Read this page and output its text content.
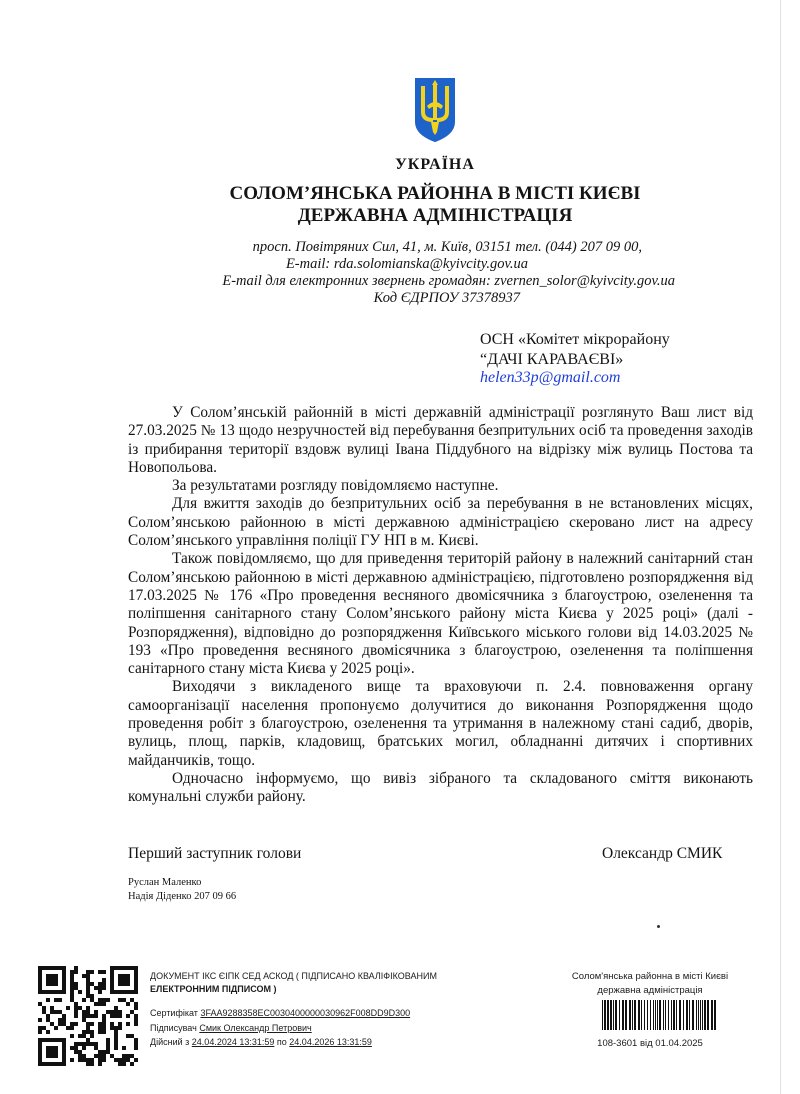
УКРАЇНА
СОЛОМ’ЯНСЬКА РАЙОННА В МІСТІ КИЄВІ
ДЕРЖАВНА АДМІНІСТРАЦІЯ
просп. Повітряних Сил, 41, м. Київ, 03151 тел. (044) 207 09 00,
E-mail: rda.solomianska@kyivcity.gov.ua
E-mail для електронних звернень громадян: zvernen_solor@kyivcity.gov.ua
Код ЄДРПОУ 37378937
ОСН «Комітет мікрорайону
“ДАЧІ КАРАВАЄВІ»
helen33p@gmail.com

У Солом’янській районній в місті державній адміністрації розглянуто Ваш лист від 27.03.2025 № 13 щодо незручностей від перебування безпритульних осіб та проведення заходів із прибирання території вздовж вулиці Івана Піддубного на відрізку між вулиць Постова та Новопольова.

За результатами розгляду повідомляємо наступне.

Для вжиття заходів до безпритульних осіб за перебування в не встановлених місцях, Солом’янською районною в місті державною адміністрацією скеровано лист на адресу Солом’янського управління поліції ГУ НП в м. Києві.

Також повідомляємо, що для приведення територій району в належний санітарний стан Солом’янською районною в місті державною адміністрацією, підготовлено розпорядження від 17.03.2025 № 176 «Про проведення весняного двомісячника з благоустрою, озеленення та поліпшення санітарного стану Солом’янського району міста Києва у 2025 році» (далі - Розпорядження), відповідно до розпорядження Київського міського голови від 14.03.2025 № 193 «Про проведення весняного двомісячника з благоустрою, озеленення та поліпшення санітарного стану міста Києва у 2025 році».

Виходячи з викладеного вище та враховуючи п. 2.4. повноваження органу самоорганізації населення пропонуємо долучитися до виконання Розпорядження щодо проведення робіт з благоустрою, озеленення та утримання в належному стані садиб, дворів, вулиць, площ, парків, кладовищ, братських могил, обладнанні дитячих і спортивних майданчиків, тощо.

Одночасно інформуємо, що вивіз зібраного та складованого сміття виконають комунальні служби району.

Перший заступник голови	Олександр СМИК
Руслан Маленко
Надія Діденко 207 09 66
ДОКУМЕНТ ІКС ЄІПК СЕД АСКОД ( ПІДПИСАНО КВАЛІФІКОВАНИМ
ЕЛЕКТРОННИМ ПІДПИСОМ )
Сертифікат 3FAA9288358EC0030400000030962F008DD9D300
Підписувач Смик Олександр Петрович
Дійсний з 24.04.2024 13:31:59 по 24.04.2026 13:31:59
Солом'янська районна в місті Києві
державна адміністрація
108-3601 від 01.04.2025
